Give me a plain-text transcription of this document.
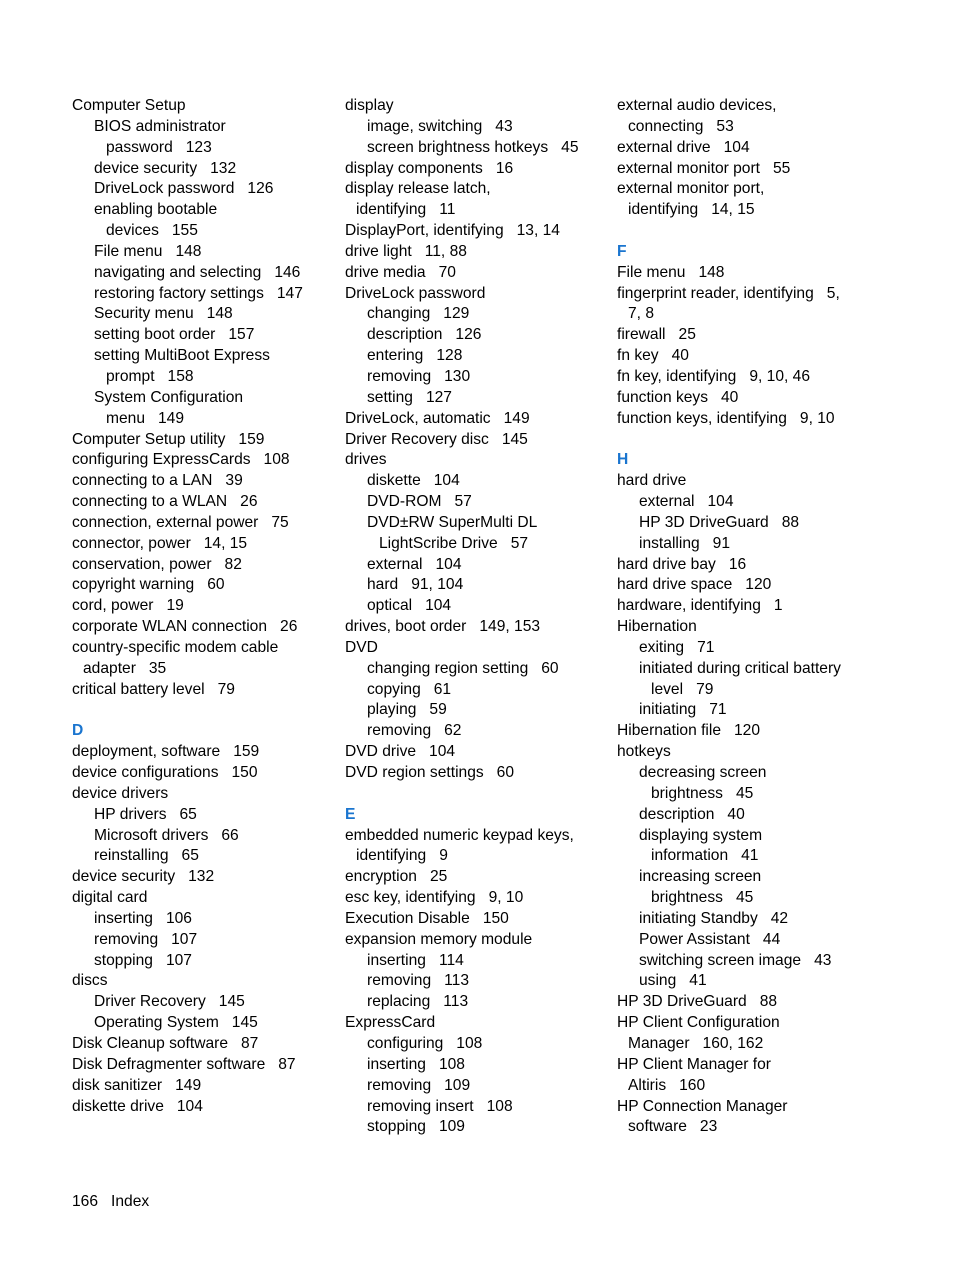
Computer Setup
BIOS administrator
password   123
device security   132
DriveLock password   126
enabling bootable
devices   155
File menu   148
navigating and selecting   146
restoring factory settings   147
Security menu   148
setting boot order   157
setting MultiBoot Express
prompt   158
System Configuration
menu   149
Computer Setup utility   159
configuring ExpressCards   108
connecting to a LAN   39
connecting to a WLAN   26
connection, external power   75
connector, power   14, 15
conservation, power   82
copyright warning   60
cord, power   19
corporate WLAN connection   26
country-specific modem cable
adapter   35
critical battery level   79
D
deployment, software   159
device configurations   150
device drivers
HP drivers   65
Microsoft drivers   66
reinstalling   65
device security   132
digital card
inserting   106
removing   107
stopping   107
discs
Driver Recovery   145
Operating System   145
Disk Cleanup software   87
Disk Defragmenter software   87
disk sanitizer   149
diskette drive   104
display
image, switching   43
screen brightness hotkeys   45
display components   16
display release latch,
identifying   11
DisplayPort, identifying   13, 14
drive light   11, 88
drive media   70
DriveLock password
changing   129
description   126
entering   128
removing   130
setting   127
DriveLock, automatic   149
Driver Recovery disc   145
drives
diskette   104
DVD-ROM   57
DVD±RW SuperMulti DL
LightScribe Drive   57
external   104
hard   91, 104
optical   104
drives, boot order   149, 153
DVD
changing region setting   60
copying   61
playing   59
removing   62
DVD drive   104
DVD region settings   60
E
embedded numeric keypad keys,
identifying   9
encryption   25
esc key, identifying   9, 10
Execution Disable   150
expansion memory module
inserting   114
removing   113
replacing   113
ExpressCard
configuring   108
inserting   108
removing   109
removing insert   108
stopping   109
external audio devices,
connecting   53
external drive   104
external monitor port   55
external monitor port,
identifying   14, 15
F
File menu   148
fingerprint reader, identifying   5,
7, 8
firewall   25
fn key   40
fn key, identifying   9, 10, 46
function keys   40
function keys, identifying   9, 10
H
hard drive
external   104
HP 3D DriveGuard   88
installing   91
hard drive bay   16
hard drive space   120
hardware, identifying   1
Hibernation
exiting   71
initiated during critical battery
level   79
initiating   71
Hibernation file   120
hotkeys
decreasing screen
brightness   45
description   40
displaying system
information   41
increasing screen
brightness   45
initiating Standby   42
Power Assistant   44
switching screen image   43
using   41
HP 3D DriveGuard   88
HP Client Configuration
Manager   160, 162
HP Client Manager for
Altiris   160
HP Connection Manager
software   23
166 Index
